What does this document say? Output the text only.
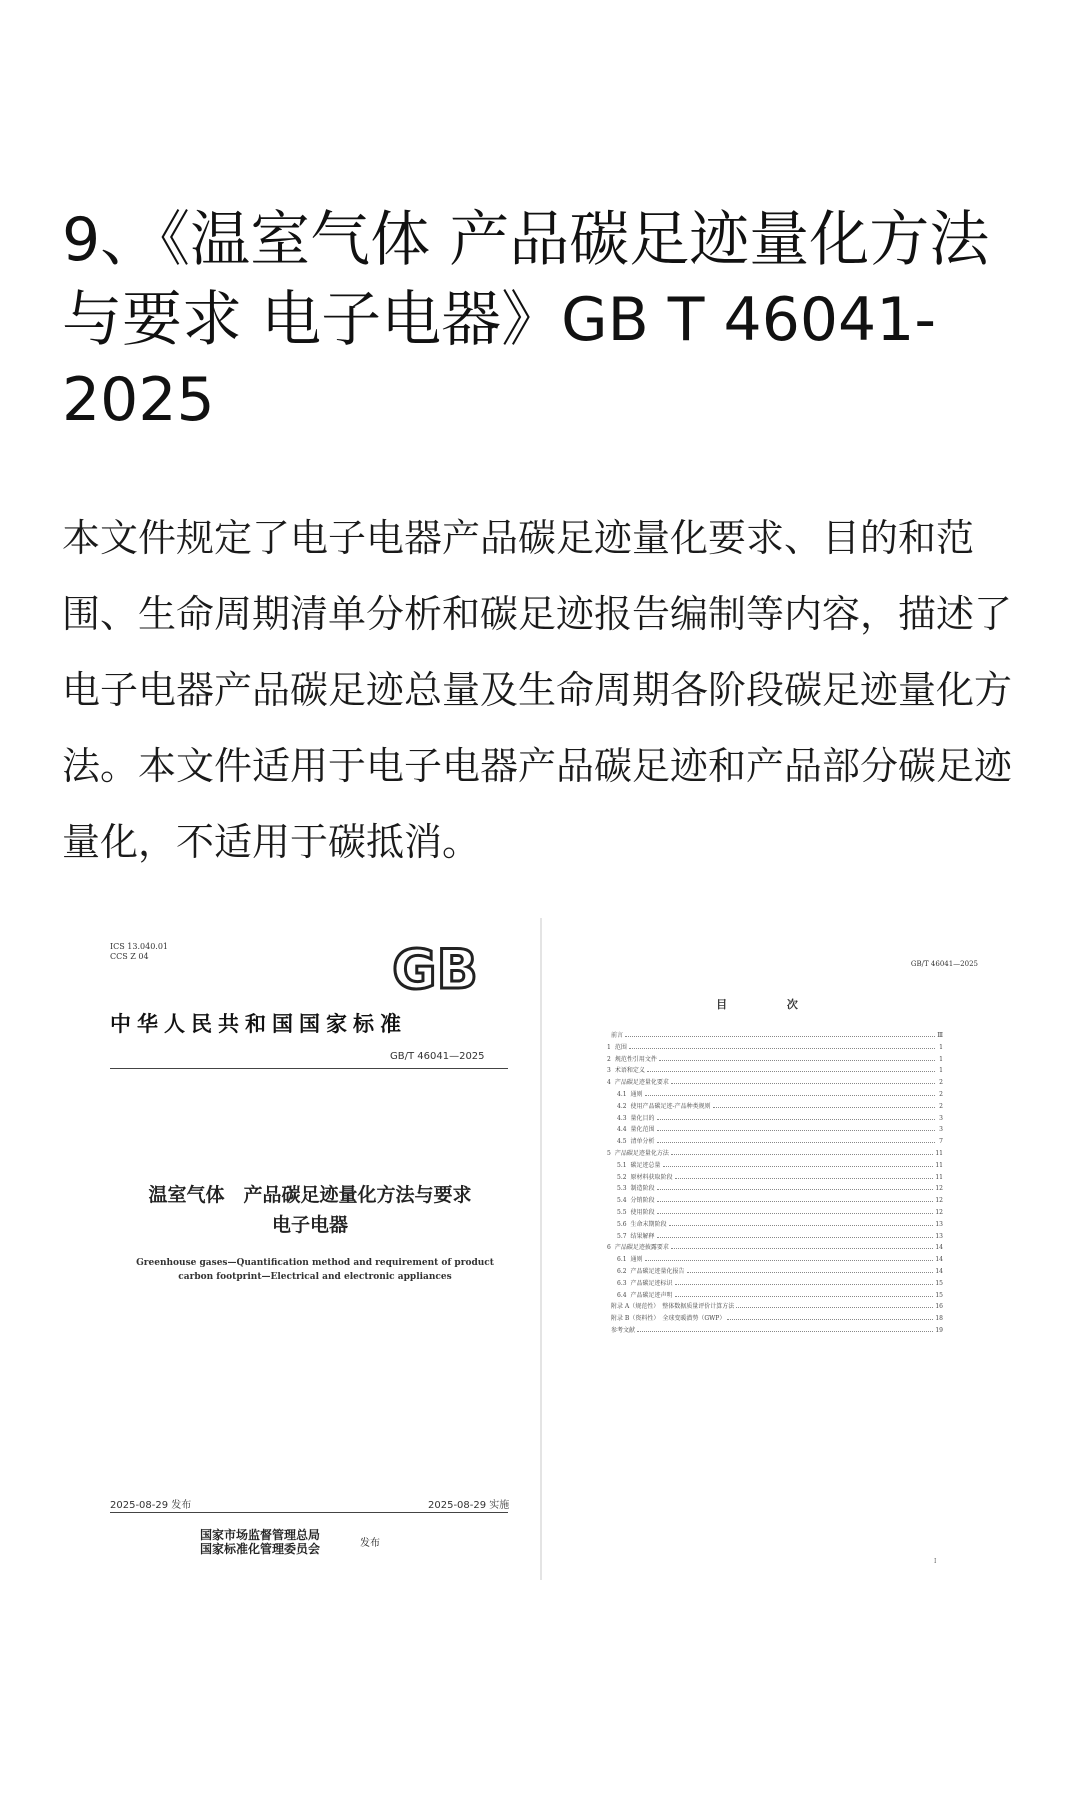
9、《温室气体 产品碳足迹量化方法与要求 电子电器》GB T 46041-2025

本文件规定了电子电器产品碳足迹量化要求、目的和范围、生命周期清单分析和碳足迹报告编制等内容，描述了电子电器产品碳足迹总量及生命周期各阶段碳足迹量化方法。本文件适用于电子电器产品碳足迹和产品部分碳足迹量化，不适用于碳抵消。

ICS 13.040.01
CCS Z 04	GB
中华人民共和国国家标准
GB/T 46041—2025
温室气体　产品碳足迹量化方法与要求
电子电器
Greenhouse gases—Quantification method and requirement of product carbon footprint—Electrical and electronic appliances
2025-08-29 发布	2025-08-29 实施
国家市场监督管理总局
国家标准化管理委员会	发布
GB/T 46041—2025
目 次
前言	Ⅲ
1 范围	1
2 规范性引用文件	1
3 术语和定义	1
4 产品碳足迹量化要求	2
4.1 通则	2
4.2 使用产品碳足迹-产品种类规则	2
4.3 量化目的	3
4.4 量化范围	3
4.5 清单分析	7
5 产品碳足迹量化方法	11
5.1 碳足迹总量	11
5.2 原材料获取阶段	11
5.3 制造阶段	12
5.4 分销阶段	12
5.5 使用阶段	12
5.6 生命末期阶段	13
5.7 结果解释	13
6 产品碳足迹披露要求	14
6.1 通则	14
6.2 产品碳足迹量化报告	14
6.3 产品碳足迹标识	15
6.4 产品碳足迹声明	15
附录 A（规范性）　整体数据质量评价计算方法	16
附录 B（资料性）　全球变暖潜势（GWP）	18
参考文献	19
I
